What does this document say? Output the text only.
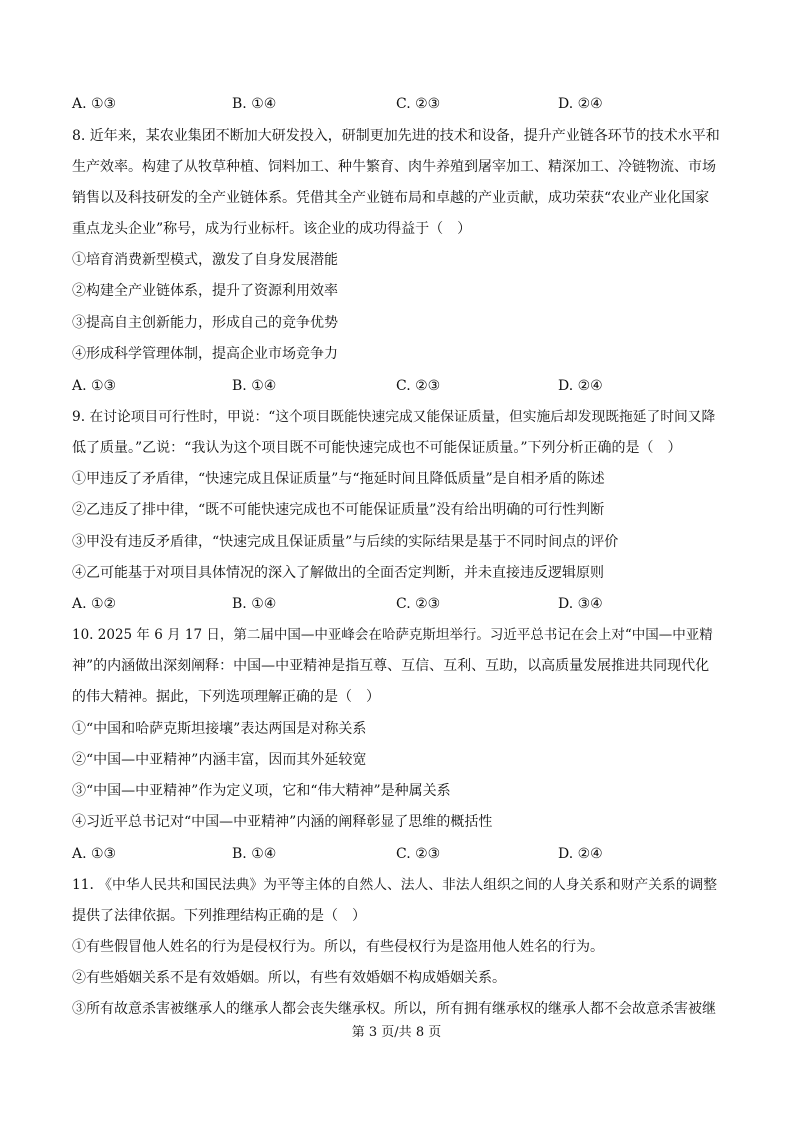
A. ①③	B. ①④	C. ②③	D. ②④
8. 近年来，某农业集团不断加大研发投入，研制更加先进的技术和设备，提升产业链各环节的技术水平和
生产效率。构建了从牧草种植、饲料加工、种牛繁育、肉牛养殖到屠宰加工、精深加工、冷链物流、市场
销售以及科技研发的全产业链体系。凭借其全产业链布局和卓越的产业贡献，成功荣获“农业产业化国家
重点龙头企业”称号，成为行业标杆。该企业的成功得益于（　）
①培育消费新型模式，激发了自身发展潜能
②构建全产业链体系，提升了资源利用效率
③提高自主创新能力，形成自己的竞争优势
④形成科学管理体制，提高企业市场竞争力
A. ①③	B. ①④	C. ②③	D. ②④
9. 在讨论项目可行性时，甲说：“这个项目既能快速完成又能保证质量，但实施后却发现既拖延了时间又降
低了质量。”乙说：“我认为这个项目既不可能快速完成也不可能保证质量。”下列分析正确的是（　）
①甲违反了矛盾律，“快速完成且保证质量”与“拖延时间且降低质量”是自相矛盾的陈述
②乙违反了排中律，“既不可能快速完成也不可能保证质量”没有给出明确的可行性判断
③甲没有违反矛盾律，“快速完成且保证质量”与后续的实际结果是基于不同时间点的评价
④乙可能基于对项目具体情况的深入了解做出的全面否定判断，并未直接违反逻辑原则
A. ①②	B. ①④	C. ②③	D. ③④
10. 2025 年 6 月 17 日，第二届中国—中亚峰会在哈萨克斯坦举行。习近平总书记在会上对“中国—中亚精
神”的内涵做出深刻阐释：中国—中亚精神是指互尊、互信、互利、互助，以高质量发展推进共同现代化
的伟大精神。据此，下列选项理解正确的是（　）
①“中国和哈萨克斯坦接壤”表达两国是对称关系
②“中国—中亚精神”内涵丰富，因而其外延较宽
③“中国—中亚精神”作为定义项，它和“伟大精神”是种属关系
④习近平总书记对“中国—中亚精神”内涵的阐释彰显了思维的概括性
A. ①③	B. ①④	C. ②③	D. ②④
11. 《中华人民共和国民法典》为平等主体的自然人、法人、非法人组织之间的人身关系和财产关系的调整
提供了法律依据。下列推理结构正确的是（　）
①有些假冒他人姓名的行为是侵权行为。所以，有些侵权行为是盗用他人姓名的行为。
②有些婚姻关系不是有效婚姻。所以，有些有效婚姻不构成婚姻关系。
③所有故意杀害被继承人的继承人都会丧失继承权。所以，所有拥有继承权的继承人都不会故意杀害被继
第 3 页/共 8 页
